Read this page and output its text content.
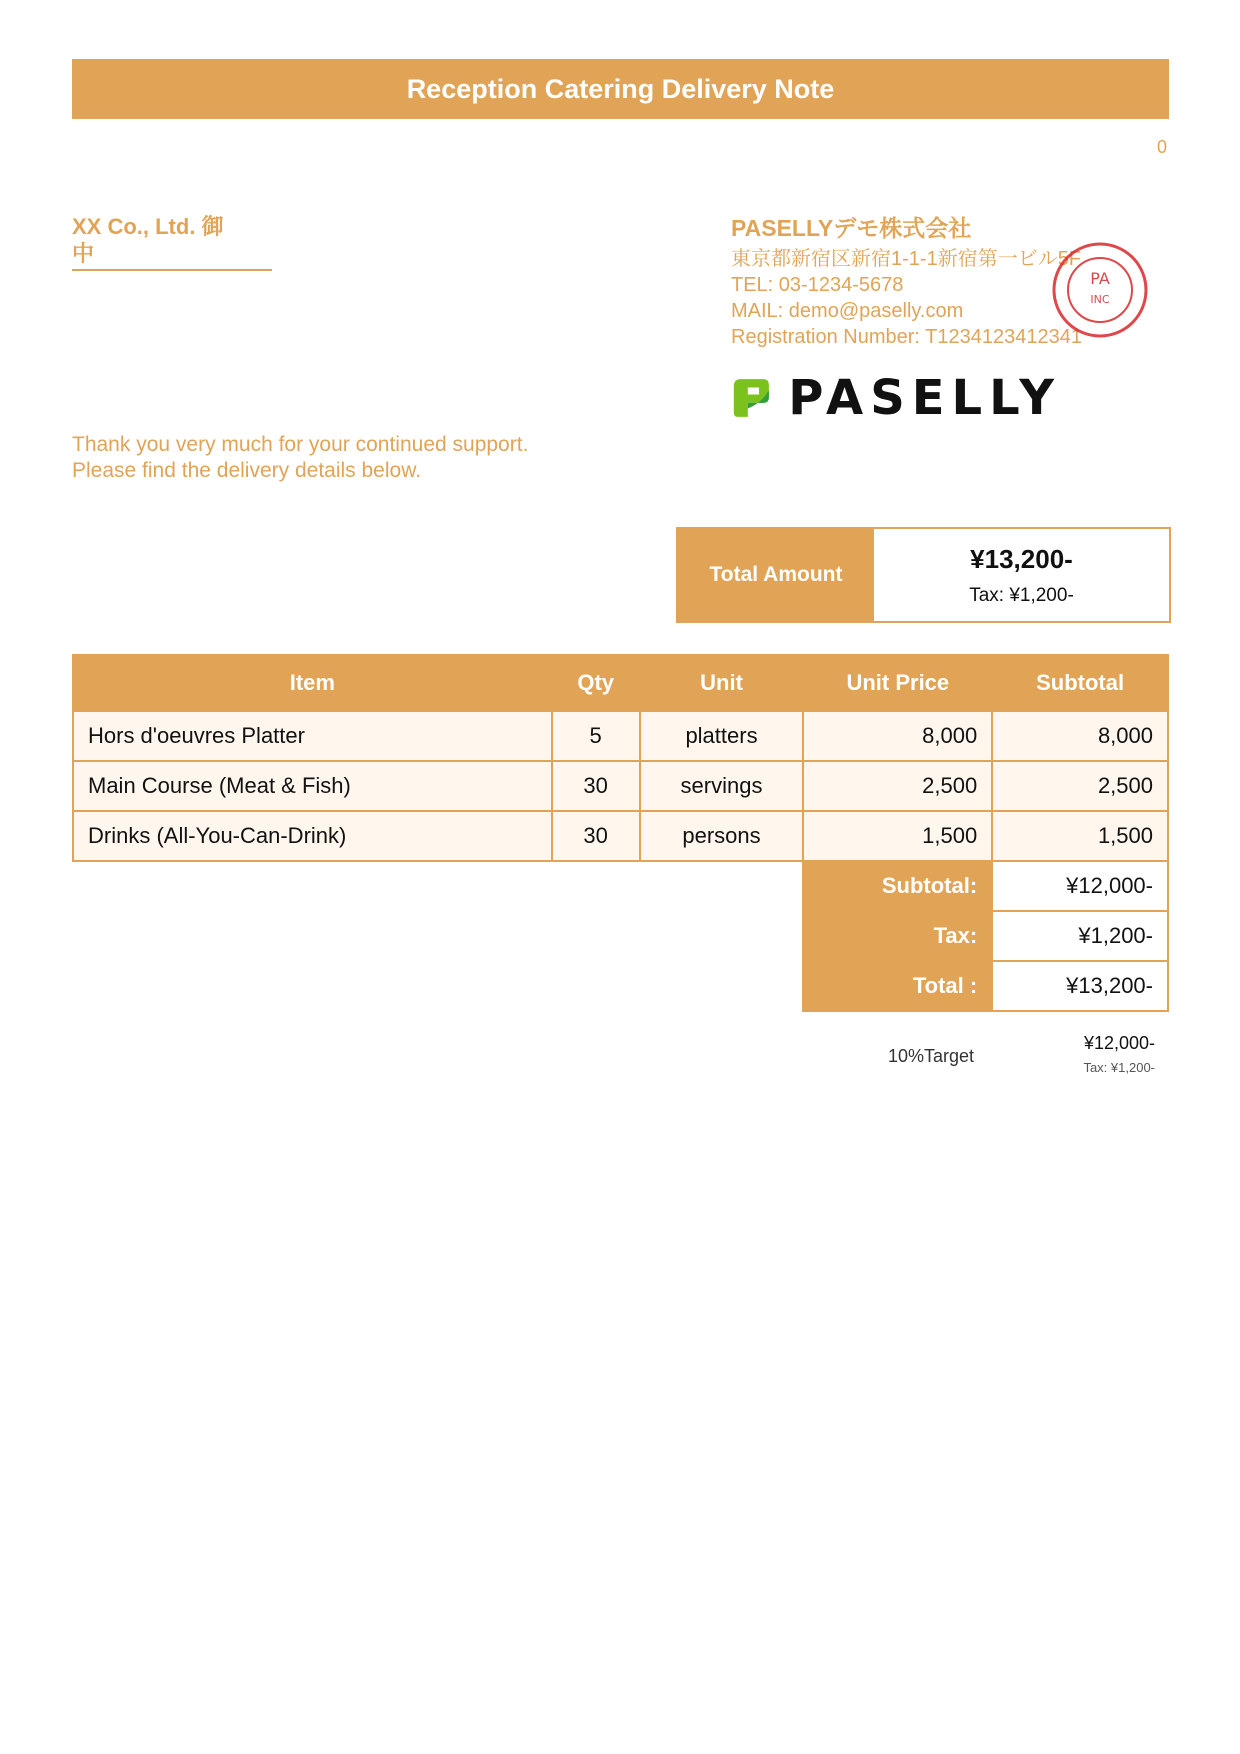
Reception Catering Delivery Note
0
XX Co., Ltd. 御
中
PASELLYデモ株式会社
東京都新宿区新宿1-1-1新宿第一ビル5F
TEL: 03-1234-5678
MAIL: demo@paselly.com
Registration Number: T1234123412341
PA
INC
PASELLY
Thank you very much for your continued support.
Please find the delivery details below.
Total Amount
¥13,200-
Tax: ¥1,200-
Item	Qty	Unit	Unit Price	Subtotal
Hors d'oeuvres Platter	5	platters	8,000	8,000
Main Course (Meat & Fish)	30	servings	2,500	2,500
Drinks (All-You-Can-Drink)	30	persons	1,500	1,500
			Subtotal:	¥12,000-
			Tax:	¥1,200-
			Total :	¥13,200-
10%Target
¥12,000-
Tax: ¥1,200-
